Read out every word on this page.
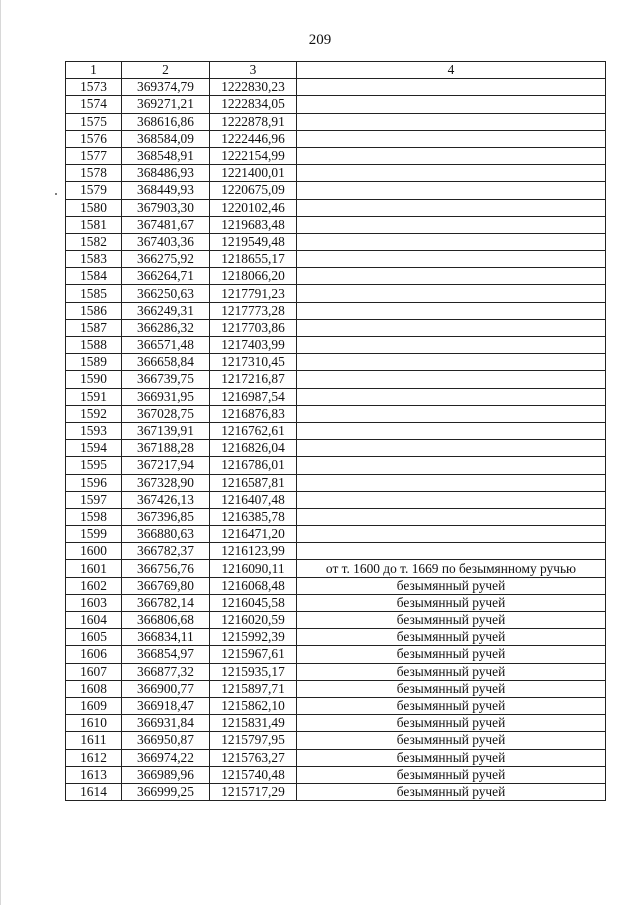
209
1	2	3	4
1573	369374,79	1222830,23	
1574	369271,21	1222834,05	
1575	368616,86	1222878,91	
1576	368584,09	1222446,96	
1577	368548,91	1222154,99	
1578	368486,93	1221400,01	
1579	368449,93	1220675,09	
1580	367903,30	1220102,46	
1581	367481,67	1219683,48	
1582	367403,36	1219549,48	
1583	366275,92	1218655,17	
1584	366264,71	1218066,20	
1585	366250,63	1217791,23	
1586	366249,31	1217773,28	
1587	366286,32	1217703,86	
1588	366571,48	1217403,99	
1589	366658,84	1217310,45	
1590	366739,75	1217216,87	
1591	366931,95	1216987,54	
1592	367028,75	1216876,83	
1593	367139,91	1216762,61	
1594	367188,28	1216826,04	
1595	367217,94	1216786,01	
1596	367328,90	1216587,81	
1597	367426,13	1216407,48	
1598	367396,85	1216385,78	
1599	366880,63	1216471,20	
1600	366782,37	1216123,99	
1601	366756,76	1216090,11	от т. 1600 до т. 1669 по безымянному ручью
1602	366769,80	1216068,48	безымянный ручей
1603	366782,14	1216045,58	безымянный ручей
1604	366806,68	1216020,59	безымянный ручей
1605	366834,11	1215992,39	безымянный ручей
1606	366854,97	1215967,61	безымянный ручей
1607	366877,32	1215935,17	безымянный ручей
1608	366900,77	1215897,71	безымянный ручей
1609	366918,47	1215862,10	безымянный ручей
1610	366931,84	1215831,49	безымянный ручей
1611	366950,87	1215797,95	безымянный ручей
1612	366974,22	1215763,27	безымянный ручей
1613	366989,96	1215740,48	безымянный ручей
1614	366999,25	1215717,29	безымянный ручей
